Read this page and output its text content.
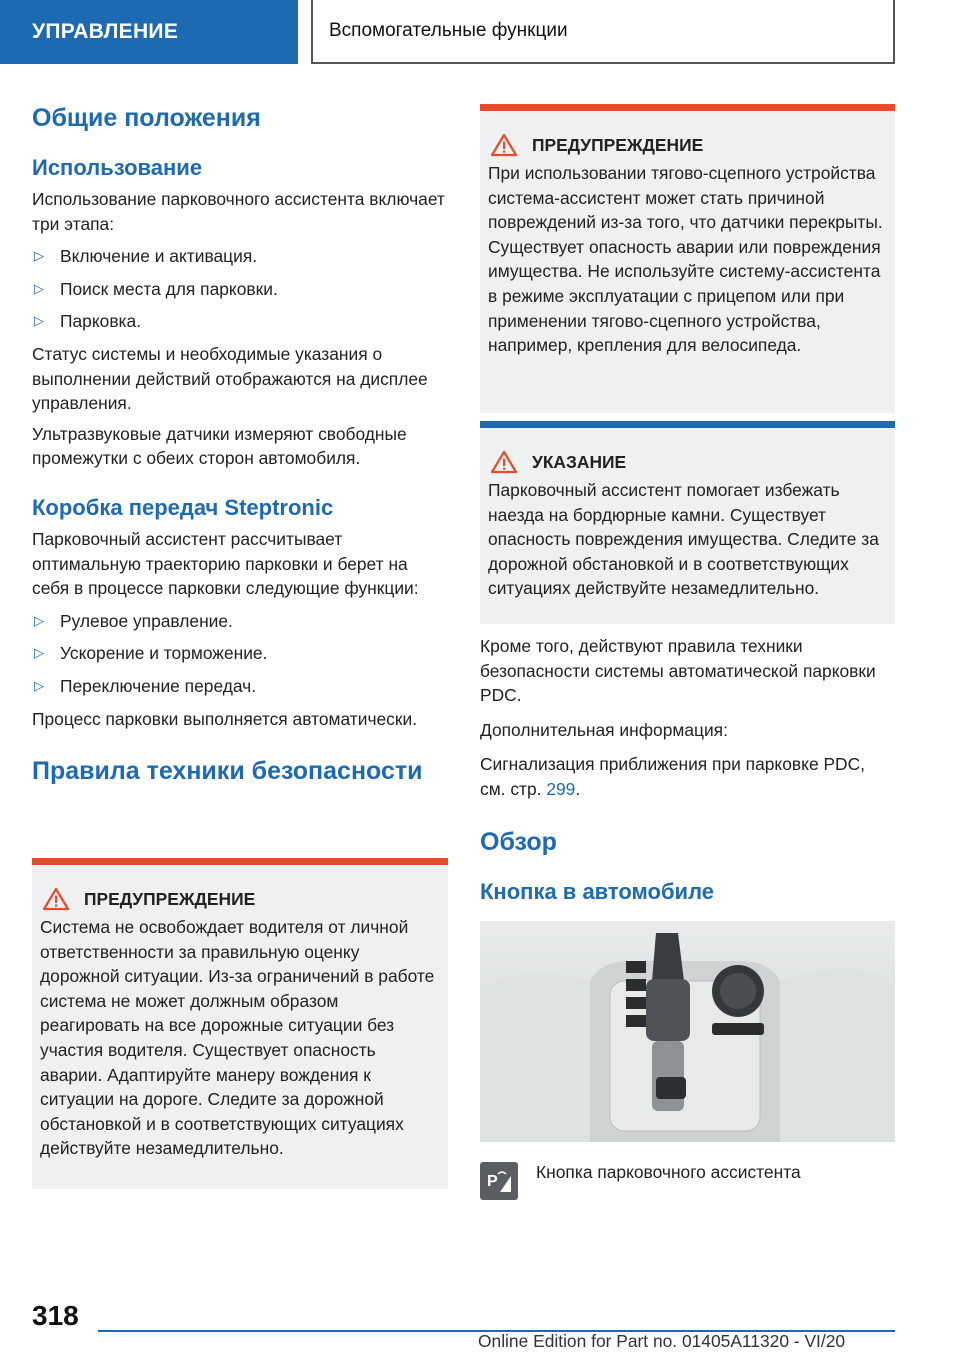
УПРАВЛЕНИЕ	Вспомогательные функции
Общие положения
Использование

Использование парковочного ассистента включает три этапа:

▷ Включение и активация.
▷ Поиск места для парковки.
▷ Парковка.

Статус системы и необходимые указания о выполнении действий отображаются на дисплее управления.

Ультразвуковые датчики измеряют свободные промежутки с обеих сторон автомобиля.

Коробка передач Steptronic

Парковочный ассистент рассчитывает оптимальную траекторию парковки и берет на себя в процессе парковки следующие функции:

▷ Рулевое управление.
▷ Ускорение и торможение.
▷ Переключение передач.

Процесс парковки выполняется автоматически.

Правила техники безопасности
ПРЕДУПРЕЖДЕНИЕ

Система не освобождает водителя от личной ответственности за правильную оценку дорожной ситуации. Из-за ограничений в работе система не может должным образом реагировать на все дорожные ситуации без участия водителя. Существует опасность аварии. Адаптируйте манеру вождения к ситуации на дороге. Следите за дорожной обстановкой и в соответствующих ситуациях действуйте незамедлительно.

ПРЕДУПРЕЖДЕНИЕ

При использовании тягово-сцепного устройства система-ассистент может стать причиной повреждений из-за того, что датчики перекрыты. Существует опасность аварии или повреждения имущества. Не используйте систему-ассистента в режиме эксплуатации с прицепом или при применении тягово-сцепного устройства, например, крепления для велосипеда.

УКАЗАНИЕ

Парковочный ассистент помогает избежать наезда на бордюрные камни. Существует опасность повреждения имущества. Следите за дорожной обстановкой и в соответствующих ситуациях действуйте незамедлительно.

Кроме того, действуют правила техники безопасности системы автоматической парковки PDC.

Дополнительная информация:

Сигнализация приближения при парковке PDC, см. стр. 299.

Обзор
Кнопка в автомобиле
P Кнопка парковочного ассистента
318
Online Edition for Part no. 01405A11320 - VI/20
